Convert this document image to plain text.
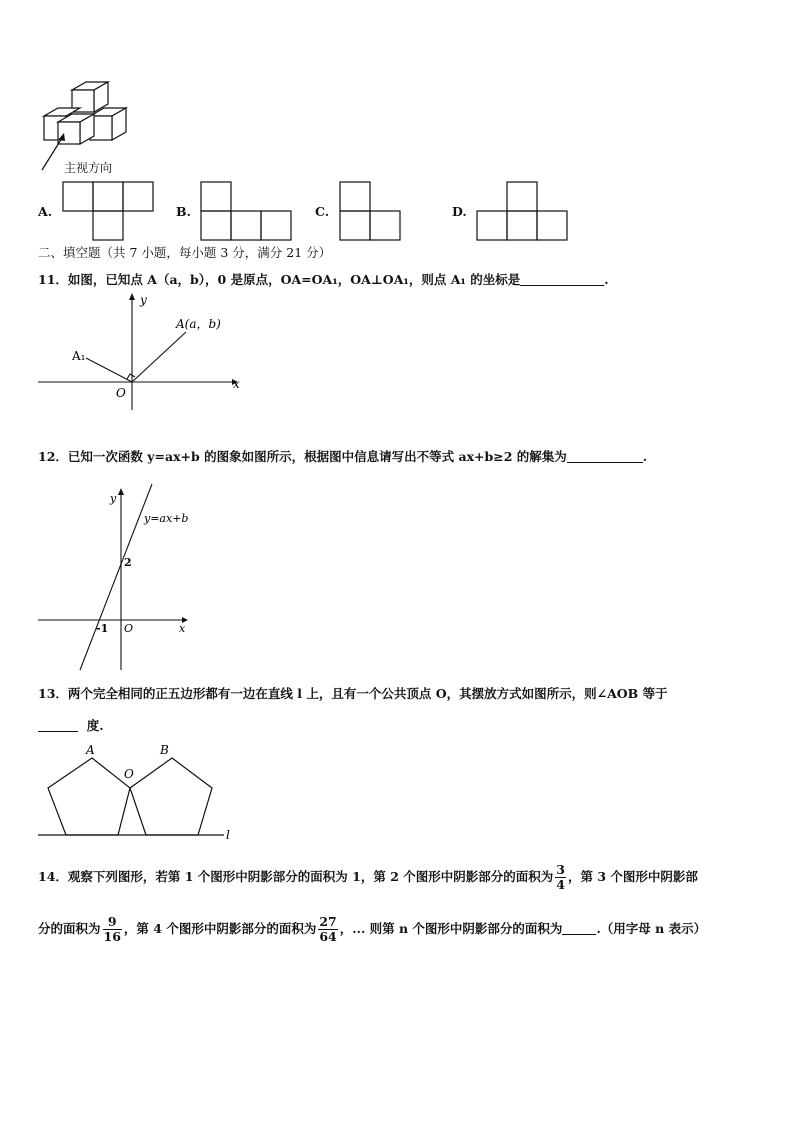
主视方向
A.	B.	C.	D.
二、填空题（共 7 小题，每小题 3 分，满分 21 分）
11．如图，已知点 A（a，b），0 是原点，OA=OA₁，OA⊥OA₁，则点 A₁ 的坐标是	.
y
x
O
A(a，b)
A₁
12．已知一次函数 y=ax+b 的图象如图所示，根据图中信息请写出不等式 ax+b≥2 的解集为	.
y
x
O
y=ax+b
2
-1
13．两个完全相同的正五边形都有一边在直线 l 上，且有一个公共顶点 O，其摆放方式如图所示，则∠AOB 等于
度.
A	B
O
l
14．观察下列图形，若第 1 个图形中阴影部分的面积为 1，第 2 个图形中阴影部分的面积为 $\frac{3}{4}$ ，第 3 个图形中阴影部
分的面积为 $\frac{9}{16}$ ，第 4 个图形中阴影部分的面积为 $\frac{27}{64}$ ，... 则第 n 个图形中阴影部分的面积为	.（用字母 n 表示）
